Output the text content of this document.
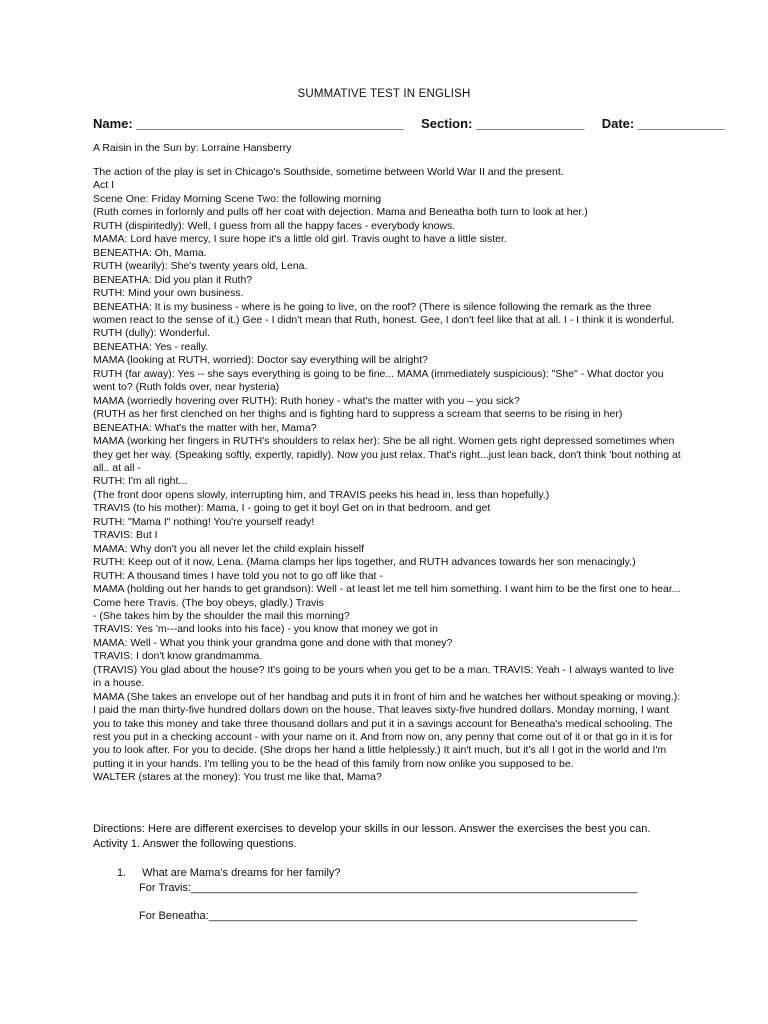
SUMMATIVE TEST IN ENGLISH
Name: _____________________________________ Section: _______________ Date: ____________
A Raisin in the Sun by: Lorraine Hansberry
The action of the play is set in Chicago's Southside, sometime between World War II and the present.
Act I
Scene One: Friday Morning Scene Two: the following morning
(Ruth comes in forlornly and pulls off her coat with dejection. Mama and Beneatha both turn to look at her.)
RUTH (dispiritedly): Well, I guess from all the happy faces - everybody knows.
MAMA: Lord have mercy, I sure hope it's a little old girl. Travis ought to have a little sister.
BENEATHA: Oh, Mama.
RUTH (wearily): She's twenty years old, Lena.
BENEATHA: Did you plan it Ruth?
RUTH: Mind your own business.
BENEATHA: It is my business - where is he going to live, on the roof? (There is silence following the remark as the three women react to the sense of it.) Gee - I didn't mean that Ruth, honest. Gee, I don't feel like that at all. I - I think it is wonderful.
RUTH (dully): Wonderful.
BENEATHA: Yes - really.
MAMA (looking at RUTH, worried): Doctor say everything will be alright?
RUTH (far away): Yes -- she says everything is going to be fine... MAMA (immediately suspicious): "She" - What doctor you went to? (Ruth folds over, near hysteria)
MAMA (worriedly hovering over RUTH): Ruth honey - what's the matter with you – you sick?
(RUTH as her first clenched on her thighs and is fighting hard to suppress a scream that seems to be rising in her)
BENEATHA: What's the matter with her, Mama?
MAMA (working her fingers in RUTH's shoulders to relax her): She be all right. Women gets right depressed sometimes when they get her way. (Speaking softly, expertly, rapidly). Now you just relax. That's right...just lean back, don't think 'bout nothing at all.. at all -
RUTH: I'm all right...
(The front door opens slowly, interrupting him, and TRAVIS peeks his head in, less than hopefully.)
TRAVIS (to his mother): Mama, I - going to get it boyl Get on in that bedroom. and get
RUTH: "Mama I" nothing! You're yourself ready!
TRAVIS: But I
MAMA: Why don't you all never let the child explain hisself
RUTH: Keep out of it now, Lena. (Mama clamps her lips together, and RUTH advances towards her son menacingly.)
RUTH: A thousand times I have told you not to go off like that -
MAMA (holding out her hands to get grandson): Well - at least let me tell him something. I want him to be the first one to hear... Come here Travis. (The boy obeys, gladly.) Travis
- (She takes him by the shoulder the mail this morning?
TRAVIS: Yes 'm---and looks into his face) - you know that money we got in
MAMA: Well - What you think your grandma gone and done with that money?
TRAVIS: I don't know grandmamma.
(TRAVIS) You glad about the house? It's going to be yours when you get to be a man. TRAVIS: Yeah - I always wanted to live in a house.
MAMA (She takes an envelope out of her handbag and puts it in front of him and he watches her without speaking or moving.): I paid the man thirty-five hundred dollars down on the house. That leaves sixty-five hundred dollars. Monday morning, I want you to take this money and take three thousand dollars and put it in a savings account for Beneatha's medical schooling. The rest you put in a checking account - with your name on it. And from now on, any penny that come out of it or that go in it is for you to look after. For you to decide. (She drops her hand a little helplessly.) It ain't much, but it's all I got in the world and I'm putting it in your hands. I'm telling you to be the head of this family from now onlike you supposed to be.
WALTER (stares at the money): You trust me like that, Mama?
Directions: Here are different exercises to develop your skills in our lesson. Answer the exercises the best you can.
Activity 1. Answer the following questions.
1. What are Mama’s dreams for her family?
For Travis:_________________________________________________________________________
For Beneatha:______________________________________________________________________
